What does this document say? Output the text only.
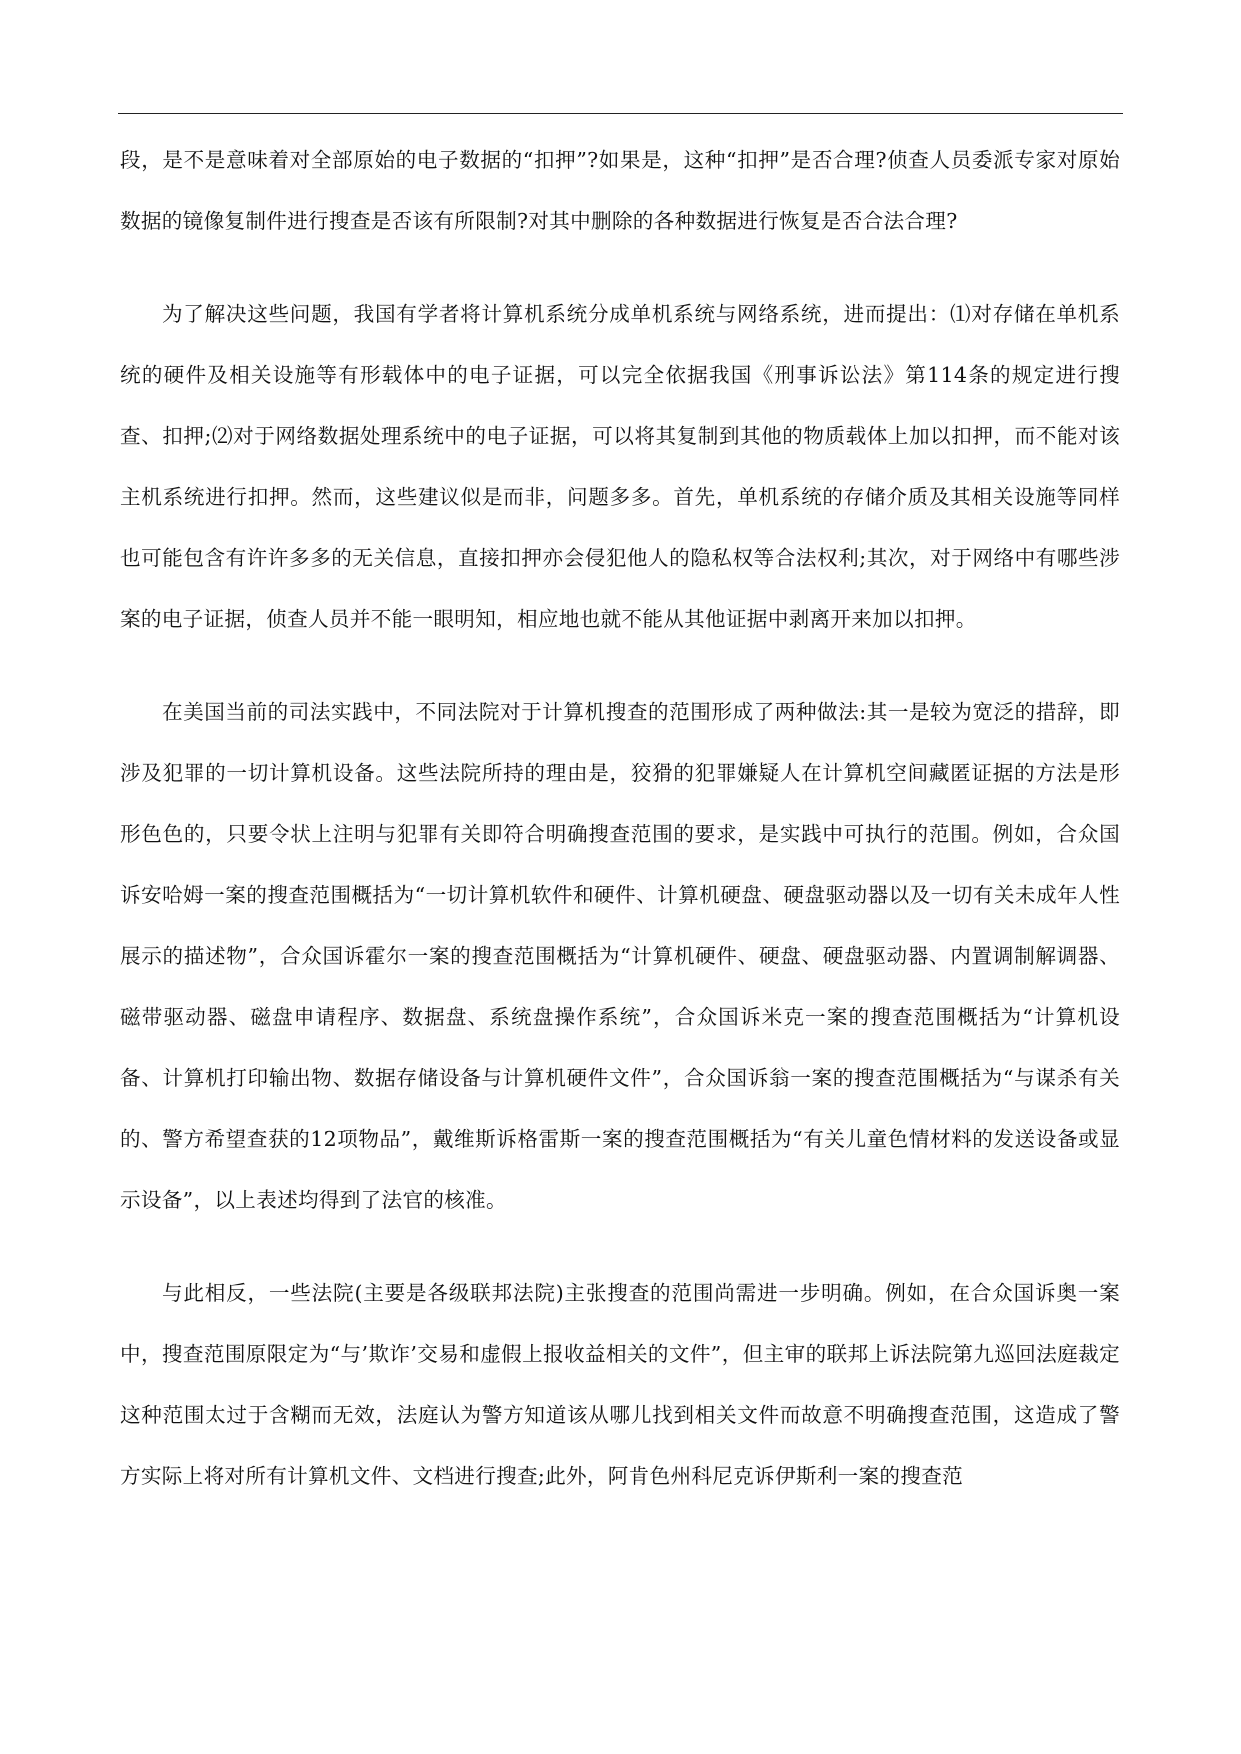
段，是不是意味着对全部原始的电子数据的“扣押”?如果是，这种“扣押”是否合理?侦查人员委派专家对原始数据的镜像复制件进行搜查是否该有所限制?对其中删除的各种数据进行恢复是否合法合理?

为了解决这些问题，我国有学者将计算机系统分成单机系统与网络系统，进而提出：⑴对存储在单机系统的硬件及相关设施等有形载体中的电子证据，可以完全依据我国《刑事诉讼法》第114条的规定进行搜查、扣押;⑵对于网络数据处理系统中的电子证据，可以将其复制到其他的物质载体上加以扣押，而不能对该主机系统进行扣押。然而，这些建议似是而非，问题多多。首先，单机系统的存储介质及其相关设施等同样也可能包含有许许多多的无关信息，直接扣押亦会侵犯他人的隐私权等合法权利;其次，对于网络中有哪些涉案的电子证据，侦查人员并不能一眼明知，相应地也就不能从其他证据中剥离开来加以扣押。

在美国当前的司法实践中，不同法院对于计算机搜查的范围形成了两种做法:其一是较为宽泛的措辞，即涉及犯罪的一切计算机设备。这些法院所持的理由是，狡猾的犯罪嫌疑人在计算机空间藏匿证据的方法是形形色色的，只要令状上注明与犯罪有关即符合明确搜查范围的要求，是实践中可执行的范围。例如，合众国诉安哈姆一案的搜查范围概括为“一切计算机软件和硬件、计算机硬盘、硬盘驱动器以及一切有关未成年人性展示的描述物”，合众国诉霍尔一案的搜查范围概括为“计算机硬件、硬盘、硬盘驱动器、内置调制解调器、磁带驱动器、磁盘申请程序、数据盘、系统盘操作系统”，合众国诉米克一案的搜查范围概括为“计算机设备、计算机打印输出物、数据存储设备与计算机硬件文件”，合众国诉翁一案的搜查范围概括为“与谋杀有关的、警方希望查获的12项物品”，戴维斯诉格雷斯一案的搜查范围概括为“有关儿童色情材料的发送设备或显示设备”，以上表述均得到了法官的核准。

与此相反，一些法院(主要是各级联邦法院)主张搜查的范围尚需进一步明确。例如，在合众国诉奥一案中，搜查范围原限定为“与’欺诈’交易和虚假上报收益相关的文件”，但主审的联邦上诉法院第九巡回法庭裁定这种范围太过于含糊而无效，法庭认为警方知道该从哪儿找到相关文件而故意不明确搜查范围，这造成了警方实际上将对所有计算机文件、文档进行搜查;此外，阿肯色州科尼克诉伊斯利一案的搜查范
